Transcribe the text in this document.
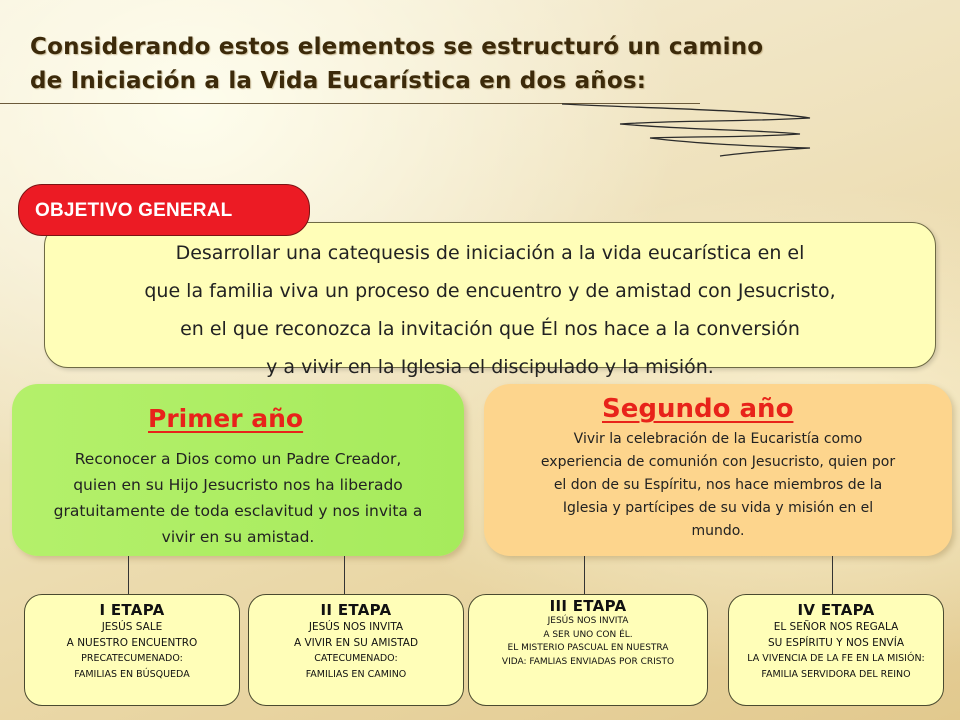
Considerando estos elementos se estructuró un camino
de Iniciación a la Vida Eucarística en dos años:
Desarrollar una catequesis de iniciación a la vida eucarística en el
que la familia viva un proceso de encuentro y de amistad con Jesucristo,
en el que reconozca la invitación que Él nos hace a la conversión
y a vivir en la Iglesia el discipulado y la misión.
OBJETIVO GENERAL
Primer año
Reconocer a Dios como un Padre Creador,
quien en su Hijo Jesucristo nos ha liberado
gratuitamente de toda esclavitud y nos invita a
vivir en su amistad.
Segundo año
Vivir la celebración de la Eucaristía como
experiencia de comunión con Jesucristo, quien por
el don de su Espíritu, nos hace miembros de la
Iglesia y partícipes de su vida y misión en el
mundo.
I ETAPA
JESÚS SALE
A NUESTRO ENCUENTRO
PRECATECUMENADO:
FAMILIAS EN BÚSQUEDA
II ETAPA
JESÚS NOS INVITA
A VIVIR EN SU AMISTAD
CATECUMENADO:
FAMILIAS EN CAMINO
III ETAPA
JESÚS NOS INVITA
A SER UNO CON ÉL.
EL MISTERIO PASCUAL EN NUESTRA
VIDA: FAMLIAS ENVIADAS POR CRISTO
IV ETAPA
EL SEÑOR NOS REGALA
SU ESPÍRITU Y NOS ENVÍA
LA VIVENCIA DE LA FE EN LA MISIÓN:
FAMILIA SERVIDORA DEL REINO
